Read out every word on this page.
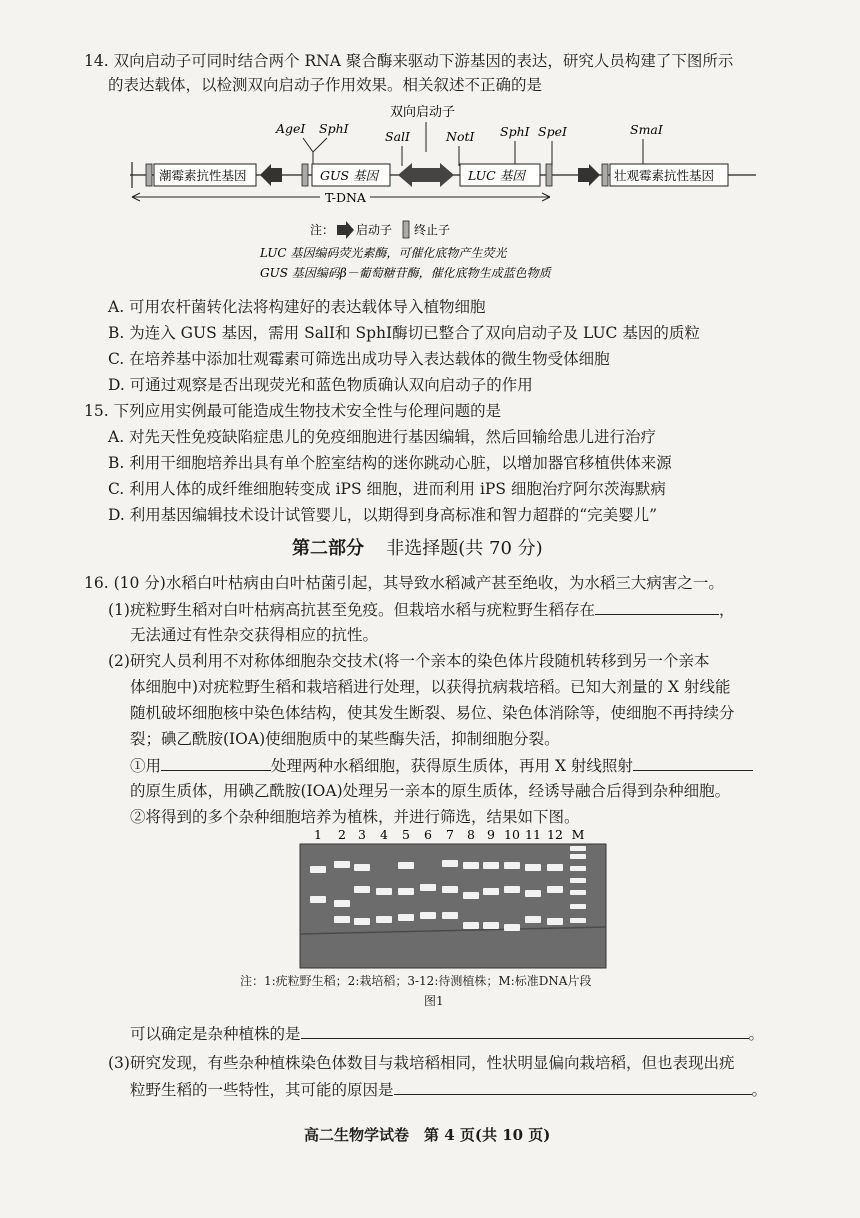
14. 双向启动子可同时结合两个 RNA 聚合酶来驱动下游基因的表达，研究人员构建了下图所示
的表达载体，以检测双向启动子作用效果。相关叙述不正确的是
双向启动子
AgeⅠ SphⅠ
SalⅠ	NotⅠ SphⅠ SpeⅠ	SmaⅠ
潮霉素抗性基因	GUS 基因	LUC 基因	壮观霉素抗性基因
T-DNA
注： 启动子 终止子
LUC 基因编码荧光素酶，可催化底物产生荧光
GUS 基因编码β－葡萄糖苷酶，催化底物生成蓝色物质
A. 可用农杆菌转化法将构建好的表达载体导入植物细胞
B. 为连入 GUS 基因，需用 SalⅠ和 SphⅠ酶切已整合了双向启动子及 LUC 基因的质粒
C. 在培养基中添加壮观霉素可筛选出成功导入表达载体的微生物受体细胞
D. 可通过观察是否出现荧光和蓝色物质确认双向启动子的作用
15. 下列应用实例最可能造成生物技术安全性与伦理问题的是
A. 对先天性免疫缺陷症患儿的免疫细胞进行基因编辑，然后回输给患儿进行治疗
B. 利用干细胞培养出具有单个腔室结构的迷你跳动心脏，以增加器官移植供体来源
C. 利用人体的成纤维细胞转变成 iPS 细胞，进而利用 iPS 细胞治疗阿尔茨海默病
D. 利用基因编辑技术设计试管婴儿，以期得到身高标准和智力超群的“完美婴儿”
第二部分 非选择题(共 70 分)
16. (10 分)水稻白叶枯病由白叶枯菌引起，其导致水稻减产甚至绝收，为水稻三大病害之一。
(1)疣粒野生稻对白叶枯病高抗甚至免疫。但栽培水稻与疣粒野生稻存在	，
无法通过有性杂交获得相应的抗性。
(2)研究人员利用不对称体细胞杂交技术(将一个亲本的染色体片段随机转移到另一个亲本
体细胞中)对疣粒野生稻和栽培稻进行处理，以获得抗病栽培稻。已知大剂量的 X 射线能
随机破坏细胞核中染色体结构，使其发生断裂、易位、染色体消除等，使细胞不再持续分
裂；碘乙酰胺(IOA)使细胞质中的某些酶失活，抑制细胞分裂。
①用	处理两种水稻细胞，获得原生质体，再用 X 射线照射
的原生质体，用碘乙酰胺(IOA)处理另一亲本的原生质体，经诱导融合后得到杂种细胞。
②将得到的多个杂种细胞培养为植株，并进行筛选，结果如下图。
1 2 3 4 5 6 7 8 9 10 11 12 M
注：1:疣粒野生稻；2:栽培稻；3-12:待测植株；M:标准DNA片段
图1
可以确定是杂种植株的是	。
(3)研究发现，有些杂种植株染色体数目与栽培稻相同，性状明显偏向栽培稻，但也表现出疣
粒野生稻的一些特性，其可能的原因是	。
高二生物学试卷　第 4 页(共 10 页)
